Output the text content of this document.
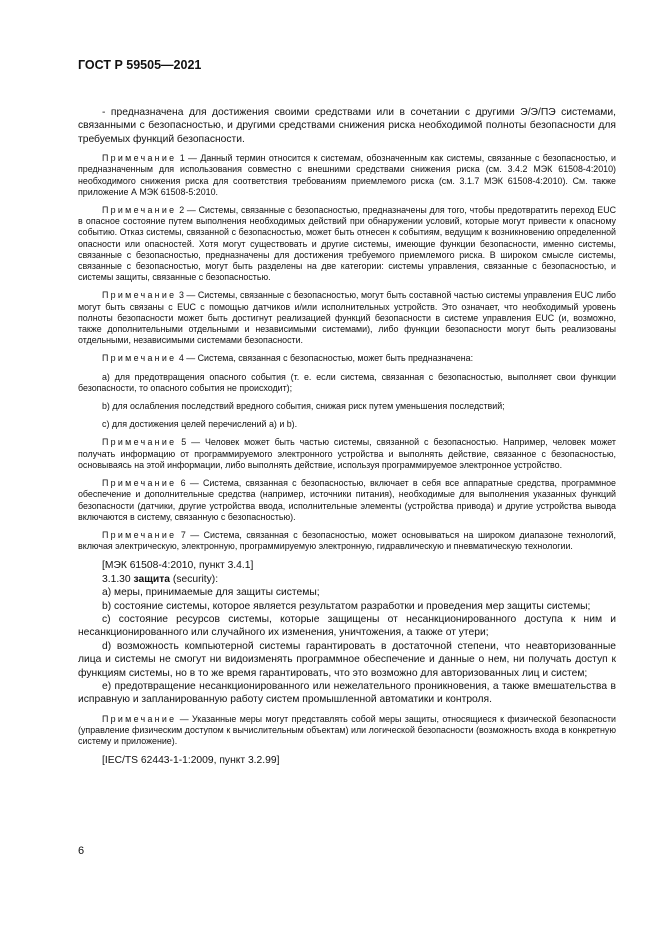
ГОСТ Р 59505—2021

- предназначена для достижения своими средствами или в сочетании с другими Э/Э/ПЭ системами, связанными с безопасностью, и другими средствами снижения риска необходимой полноты безопасности для требуемых функций безопасности.

Примечание 1 — Данный термин относится к системам, обозначенным как системы, связанные с безопасностью, и предназначенным для использования совместно с внешними средствами снижения риска (см. 3.4.2 МЭК 61508-4:2010) необходимого снижения риска для соответствия требованиям приемлемого риска (см. 3.1.7 МЭК 61508-4:2010). См. также приложение А МЭК 61508-5:2010.

Примечание 2 — Системы, связанные с безопасностью, предназначены для того, чтобы предотвратить переход EUC в опасное состояние путем выполнения необходимых действий при обнаружении условий, которые могут привести к опасному событию. Отказ системы, связанной с безопасностью, может быть отнесен к событиям, ведущим к возникновению определенной опасности или опасностей. Хотя могут существовать и другие системы, имеющие функции безопасности, именно системы, связанные с безопасностью, предназначены для достижения требуемого приемлемого риска. В широком смысле системы, связанные с безопасностью, могут быть разделены на две категории: системы управления, связанные с безопасностью, и системы защиты, связанные с безопасностью.

Примечание 3 — Системы, связанные с безопасностью, могут быть составной частью системы управления EUC либо могут быть связаны с EUC с помощью датчиков и/или исполнительных устройств. Это означает, что необходимый уровень полноты безопасности может быть достигнут реализацией функций безопасности в системе управления EUC (и, возможно, также дополнительными отдельными и независимыми системами), либо функции безопасности могут быть реализованы отдельными, независимыми системами безопасности.

Примечание 4 — Система, связанная с безопасностью, может быть предназначена:

a) для предотвращения опасного события (т. е. если система, связанная с безопасностью, выполняет свои функции безопасности, то опасного события не происходит);

b) для ослабления последствий вредного события, снижая риск путем уменьшения последствий;

c) для достижения целей перечислений a) и b).

Примечание 5 — Человек может быть частью системы, связанной с безопасностью. Например, человек может получать информацию от программируемого электронного устройства и выполнять действие, связанное с безопасностью, основываясь на этой информации, либо выполнять действие, используя программируемое электронное устройство.

Примечание 6 — Система, связанная с безопасностью, включает в себя все аппаратные средства, программное обеспечение и дополнительные средства (например, источники питания), необходимые для выполнения указанных функций безопасности (датчики, другие устройства ввода, исполнительные элементы (устройства привода) и другие устройства вывода включаются в систему, связанную с безопасностью).

Примечание 7 — Система, связанная с безопасностью, может основываться на широком диапазоне технологий, включая электрическую, электронную, программируемую электронную, гидравлическую и пневматическую технологии.

[МЭК 61508-4:2010, пункт 3.4.1]

3.1.30 защита (security):

a) меры, принимаемые для защиты системы;

b) состояние системы, которое является результатом разработки и проведения мер защиты системы;

c) состояние ресурсов системы, которые защищены от несанкционированного доступа к ним и несанкционированного или случайного их изменения, уничтожения, а также от утери;

d) возможность компьютерной системы гарантировать в достаточной степени, что неавторизованные лица и системы не смогут ни видоизменять программное обеспечение и данные о нем, ни получать доступ к функциям системы, но в то же время гарантировать, что это возможно для авторизованных лиц и систем;

e) предотвращение несанкционированного или нежелательного проникновения, а также вмешательства в исправную и запланированную работу систем промышленной автоматики и контроля.

Примечание — Указанные меры могут представлять собой меры защиты, относящиеся к физической безопасности (управление физическим доступом к вычислительным объектам) или логической безопасности (возможность входа в конкретную систему и приложение).

[IEC/TS 62443-1-1:2009, пункт 3.2.99]

6
